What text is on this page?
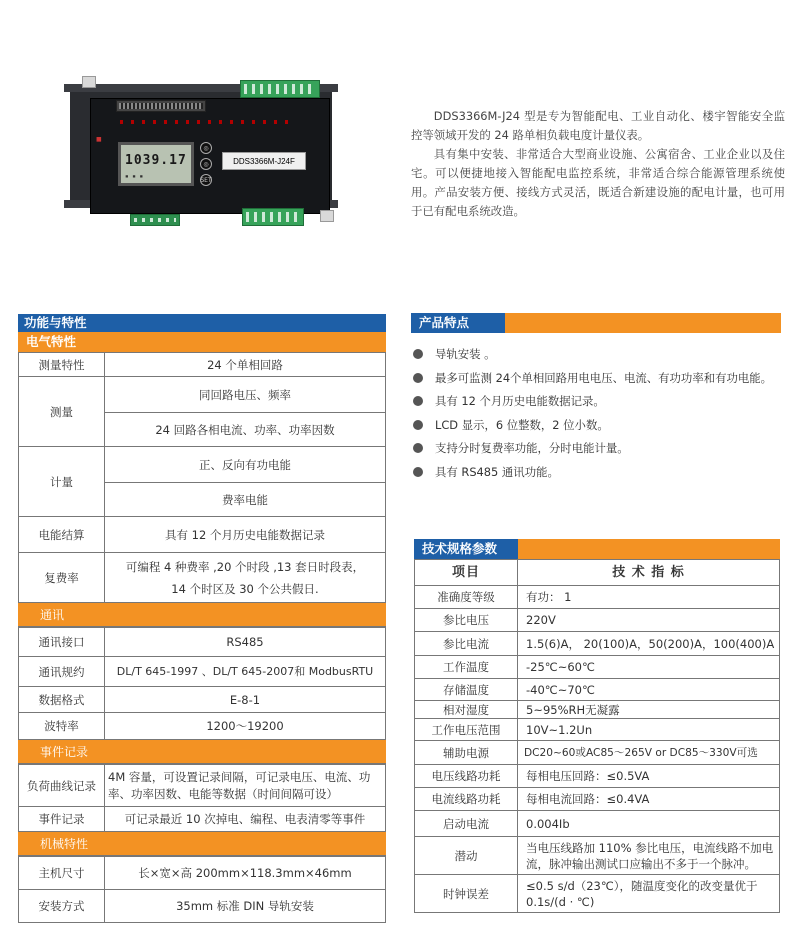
■
1039.17
▪ ▪ ▪
◎
◎
SET
DDS3366M-J24F

DDS3366M-J24 型是专为智能配电、工业自动化、楼宇智能安全监控等领域开发的 24 路单相负载电度计量仪表。

具有集中安装、非常适合大型商业设施、公寓宿舍、工业企业以及住宅。可以便捷地接入智能配电监控系统，非常适合综合能源管理系统使用。产品安装方便、接线方式灵活，既适合新建设施的配电计量，也可用于已有配电系统改造。

功能与特性
电气特性
测量特性	24 个单相回路
测量	同回路电压、频率
	24 回路各相电流、功率、功率因数
计量	正、反向有功电能
	费率电能
电能结算	具有 12 个月历史电能数据记录
复费率	可编程 4 种费率 ,20 个时段 ,13 套日时段表，
14 个时区及 30 个公共假日.
通讯
通讯接口	RS485
通讯规约	DL/T 645-1997 、DL/T 645-2007和 ModbusRTU
数据格式	E-8-1
波特率	1200～19200
事件记录
负荷曲线记录	4M 容量，可设置记录间隔，可记录电压、电流、功率、功率因数、电能等数据（时间间隔可设）
事件记录	可记录最近 10 次掉电、编程、电表清零等事件
机械特性
主机尺寸	长×宽×高 200mm×118.3mm×46mm
安装方式	35mm 标准 DIN 导轨安装
产品特点
导轨安装 。
最多可监测 24个单相回路用电电压、电流、有功功率和有功电能。
具有 12 个月历史电能数据记录。
LCD 显示，6 位整数，2 位小数。
支持分时复费率功能，分时电能计量。
具有 RS485 通讯功能。
技术规格参数
项目	技 术 指 标
准确度等级	有功： 1
参比电压	220V
参比电流	1.5(6)A， 20(100)A，50(200)A，100(400)A
工作温度	-25℃~60℃
存储温度	-40℃~70℃
相对湿度	5~95%RH无凝露
工作电压范围	10V~1.2Un
辅助电源	DC20~60或AC85～265V or DC85～330V可选
电压线路功耗	每相电压回路：≤0.5VA
电流线路功耗	每相电流回路：≤0.4VA
启动电流	0.004Ib
潜动	当电压线路加 110% 参比电压，电流线路不加电流，脉冲输出测试口应输出不多于一个脉冲。
时钟误差	≤0.5 s/d（23℃），随温度变化的改变量优于0.1s/(d · ℃)
